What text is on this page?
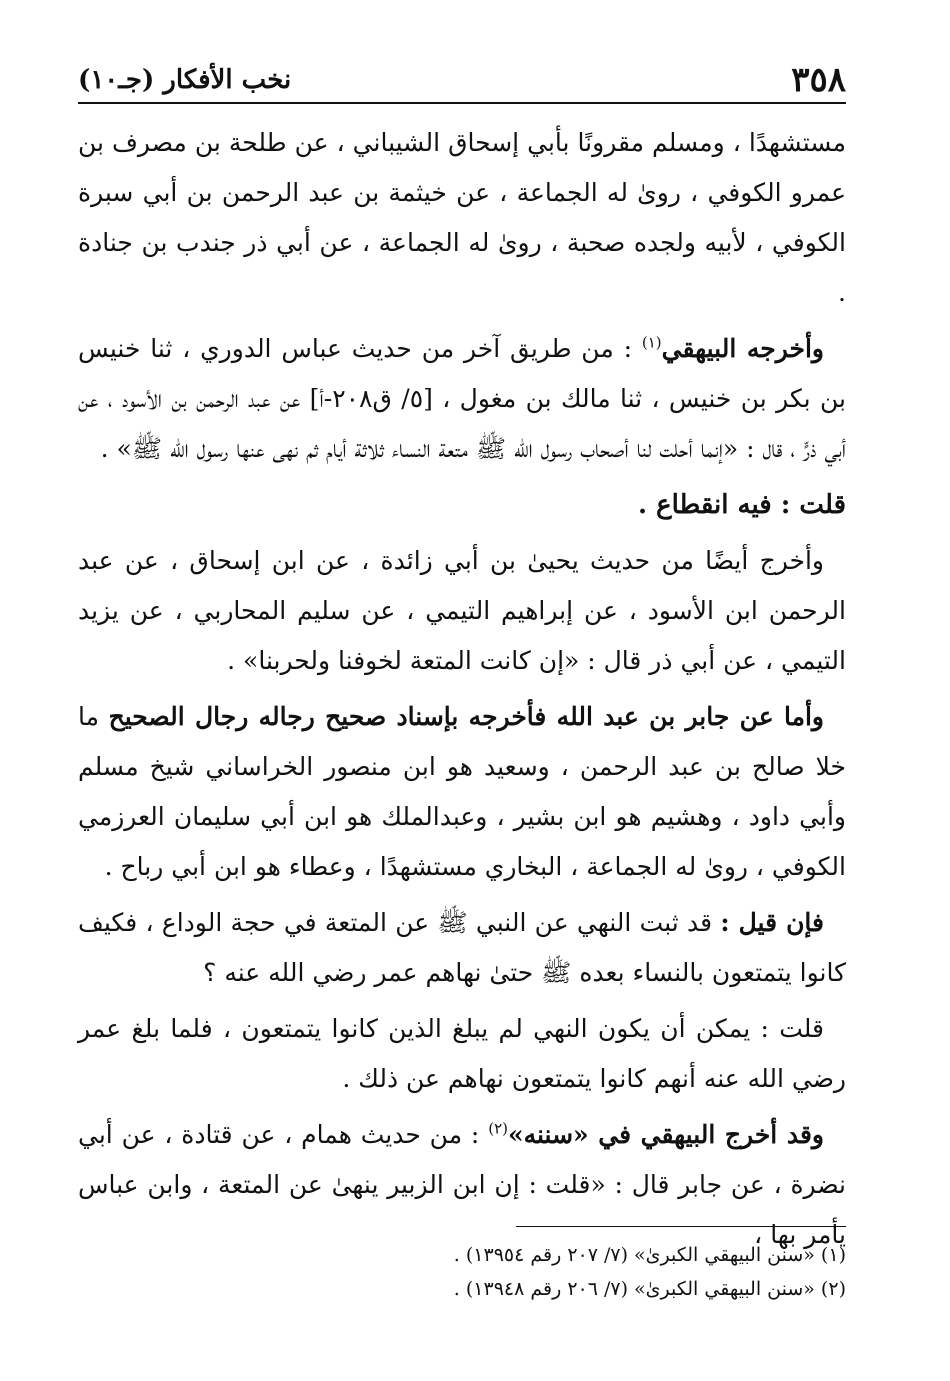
نخب الأفكار (جـ١٠)	٣٥٨

مستشهدًا ، ومسلم مقرونًا بأبي إسحاق الشيباني ، عن طلحة بن مصرف بن عمرو الكوفي ، روىٰ له الجماعة ، عن خيثمة بن عبد الرحمن بن أبي سبرة الكوفي ، لأبيه ولجده صحبة ، روىٰ له الجماعة ، عن أبي ذر جندب بن جنادة .

وأخرجه البيهقي$^{(١)}$ : من طريق آخر من حديث عباس الدوري ، ثنا خنيس بن بكر بن خنيس ، ثنا مالك بن مغول ، [٥/ ق٢٠٨-أ] عن عبد الرحمن بن الأسود ، عن أبي ذرٍّ ، قال : «إنما أحلت لنا أصحاب رسول الله ﷺ متعة النساء ثلاثة أيام ثم نهى عنها رسول الله ﷺ» .

قلت : فيه انقطاع .

وأخرج أيضًا من حديث يحيىٰ بن أبي زائدة ، عن ابن إسحاق ، عن عبد الرحمن ابن الأسود ، عن إبراهيم التيمي ، عن سليم المحاربي ، عن يزيد التيمي ، عن أبي ذر قال : «إن كانت المتعة لخوفنا ولحربنا» .

وأما عن جابر بن عبد الله فأخرجه بإسناد صحيح رجاله رجال الصحيح ما خلا صالح بن عبد الرحمن ، وسعيد هو ابن منصور الخراساني شيخ مسلم وأبي داود ، وهشيم هو ابن بشير ، وعبدالملك هو ابن أبي سليمان العرزمي الكوفي ، روىٰ له الجماعة ، البخاري مستشهدًا ، وعطاء هو ابن أبي رباح .

فإن قيل : قد ثبت النهي عن النبي ﷺ عن المتعة في حجة الوداع ، فكيف كانوا يتمتعون بالنساء بعده ﷺ حتىٰ نهاهم عمر رضي الله عنه ؟

قلت : يمكن أن يكون النهي لم يبلغ الذين كانوا يتمتعون ، فلما بلغ عمر رضي الله عنه أنهم كانوا يتمتعون نهاهم عن ذلك .

وقد أخرج البيهقي في «سننه»$^{(٢)}$ : من حديث همام ، عن قتادة ، عن أبي نضرة ، عن جابر قال : «قلت : إن ابن الزبير ينهىٰ عن المتعة ، وابن عباس يأمر بها ،

(١) «سنن البيهقي الكبرىٰ» (٧/ ٢٠٧ رقم ١٣٩٥٤) .

(٢) «سنن البيهقي الكبرىٰ» (٧/ ٢٠٦ رقم ١٣٩٤٨) .
